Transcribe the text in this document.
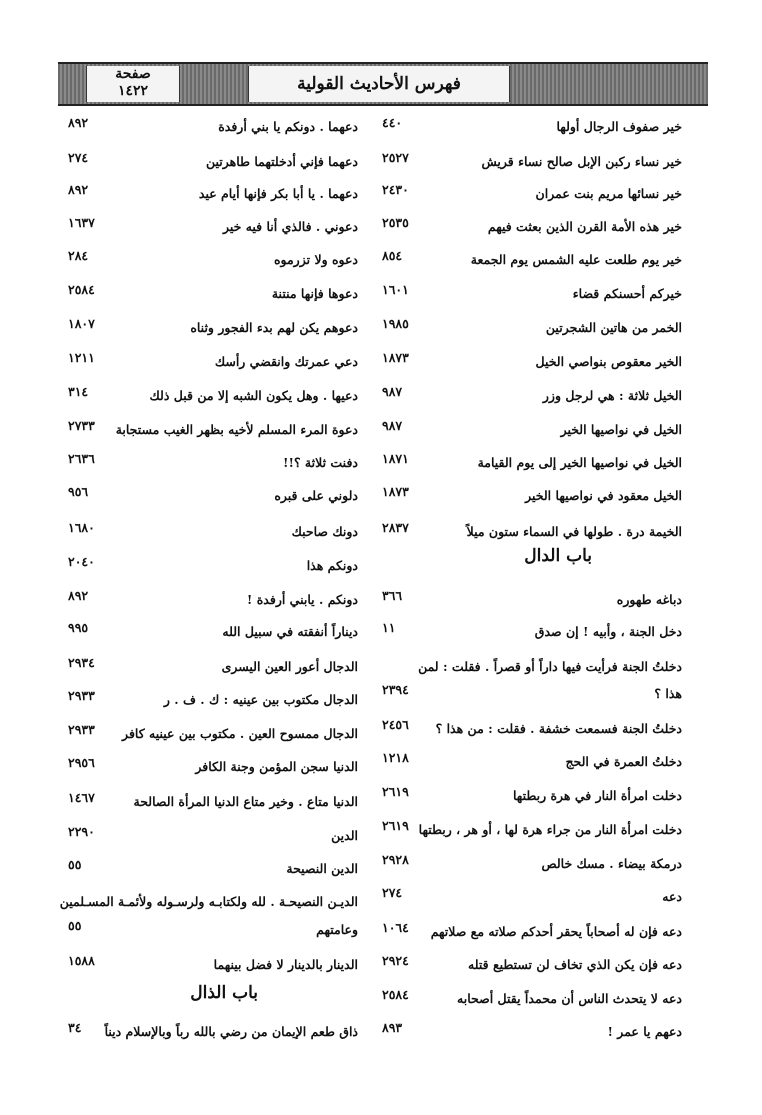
فهرس الأحاديث القولية
صفحة
١٤٢٢
٤٤٠	خير صفوف الرجال أولها
٢٥٢٧	خير نساء ركبن الإبل صالح نساء قريش
٢٤٣٠	خير نسائها مريم بنت عمران
٢٥٣٥	خير هذه الأمة القرن الذين بعثت فيهم
٨٥٤	خير يوم طلعت عليه الشمس يوم الجمعة
١٦٠١	خيركم أحسنكم قضاء
١٩٨٥	الخمر من هاتين الشجرتين
١٨٧٣	الخير معقوص بنواصي الخيل
٩٨٧	الخيل ثلاثة : هي لرجل وزر
٩٨٧	الخيل في نواصيها الخير
١٨٧١	الخيل في نواصيها الخير إلى يوم القيامة
١٨٧٣	الخيل معقود في نواصيها الخير
٢٨٣٧	الخيمة درة . طولها في السماء ستون ميلاً
٣٦٦	دباغه طهوره
١١	دخل الجنة ، وأبيه ! إن صدق
دخلتُ الجنة فرأيت فيها داراً أو قصراً . فقلت : لمن
٢٣٩٤	هذا ؟
٢٤٥٦ دخلتُ الجنة فسمعت خشفة . فقلت : من هذا ؟
١٢١٨	دخلتُ العمرة في الحج
٢٦١٩	دخلت امرأة النار في هرة ربطتها
٢٦١٩ دخلت امرأة النار من جراء هرة لها ، أو هر ، ربطتها
٢٩٢٨	درمكة بيضاء . مسك خالص
٢٧٤	دعه
١٠٦٤ دعه فإن له أصحاباً يحقر أحدكم صلاته مع صلاتهم
٢٩٢٤	دعه فإن يكن الذي تخاف لن تستطيع قتله
٢٥٨٤	دعه لا يتحدث الناس أن محمداً يقتل أصحابه
٨٩٣	دعهم يا عمر !
باب الدال
٨٩٢	دعهما . دونكم يا بني أرفدة
٢٧٤	دعهما فإني أدخلتهما طاهرتين
٨٩٢	دعهما . يا أبا بكر فإنها أيام عيد
١٦٣٧	دعوني . فالذي أنا فيه خير
٢٨٤	دعوه ولا تزرموه
٢٥٨٤	دعوها فإنها منتنة
١٨٠٧	دعوهم يكن لهم بدء الفجور وثناه
١٢١١	دعي عمرتك وانقضي رأسك
٣١٤	دعيها . وهل يكون الشبه إلا من قبل ذلك
٢٧٣٣ دعوة المرء المسلم لأخيه بظهر الغيب مستجابة
٢٦٣٦	دفنت ثلاثة ؟!!
٩٥٦	دلوني على قبره
١٦٨٠	دونك صاحبك
٢٠٤٠	دونكم هذا
٨٩٢	دونكم . يابني أرفدة !
٩٩٥	ديناراً أنفقته في سبيل الله
٢٩٣٤	الدجال أعور العين اليسرى
٢٩٣٣	الدجال مكتوب بين عينيه : ك . ف . ر
٢٩٣٣ الدجال ممسوح العين . مكتوب بين عينيه كافر
٢٩٥٦	الدنيا سجن المؤمن وجنة الكافر
١٤٦٧	الدنيا متاع . وخير متاع الدنيا المرأة الصالحة
٢٢٩٠	الدين
٥٥	الدين النصيحة
الديـن النصيحـة . لله ولكتابـه ولرسـوله ولأئمـة المسـلمين
٥٥	وعامتهم
١٥٨٨	الدينار بالدينار لا فضل بينهما
٣٤ ذاق طعم الإيمان من رضي بالله رباً وبالإسلام ديناً
باب الذال
